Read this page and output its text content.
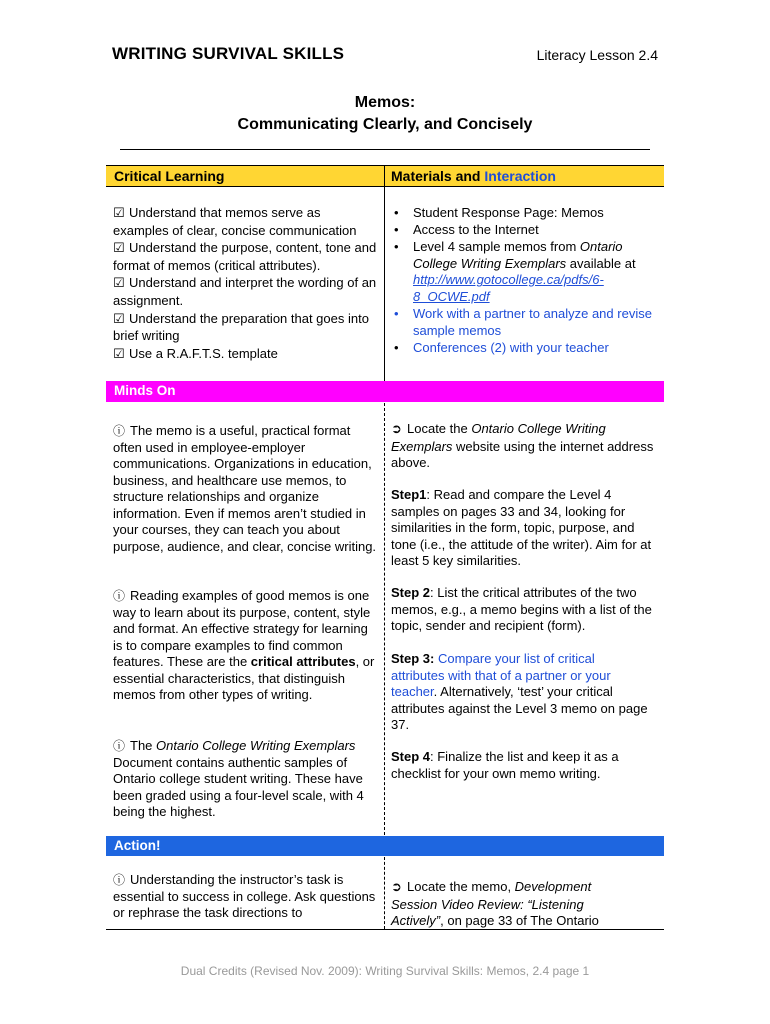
WRITING SURVIVAL SKILLS	Literacy Lesson 2.4
Memos:
Communicating Clearly, and Concisely
Critical Learning	Materials and Interaction
☑ Understand that memos serve as examples of clear, concise communication
☑ Understand the purpose, content, tone and format of memos (critical attributes).
☑ Understand and interpret the wording of an assignment.
☑ Understand the preparation that goes into brief writing
☑ Use a R.A.F.T.S. template
• Student Response Page: Memos
• Access to the Internet
• Level 4 sample memos from Ontario College Writing Exemplars available at http://www.gotocollege.ca/pdfs/6-8_OCWE.pdf
• Work with a partner to analyze and revise sample memos
• Conferences (2) with your teacher
Minds On
ⓘ The memo is a useful, practical format often used in employee-employer communications. Organizations in education, business, and healthcare use memos, to structure relationships and organize information. Even if memos aren’t studied in your courses, they can teach you about purpose, audience, and clear, concise writing.
ⓘ Reading examples of good memos is one way to learn about its purpose, content, style and format. An effective strategy for learning is to compare examples to find common features. These are the critical attributes, or essential characteristics, that distinguish memos from other types of writing.
ⓘ The Ontario College Writing Exemplars Document contains authentic samples of Ontario college student writing. These have been graded using a four-level scale, with 4 being the highest.
➲ Locate the Ontario College Writing Exemplars website using the internet address above.
Step1: Read and compare the Level 4 samples on pages 33 and 34, looking for similarities in the form, topic, purpose, and tone (i.e., the attitude of the writer). Aim for at least 5 key similarities.
Step 2: List the critical attributes of the two memos, e.g., a memo begins with a list of the topic, sender and recipient (form).
Step 3: Compare your list of critical attributes with that of a partner or your teacher. Alternatively, ‘test’ your critical attributes against the Level 3 memo on page 37.
Step 4: Finalize the list and keep it as a checklist for your own memo writing.
Action!
ⓘ Understanding the instructor’s task is essential to success in college. Ask questions or rephrase the task directions to
➲ Locate the memo, Development Session Video Review: “Listening Actively”, on page 33 of The Ontario
Dual Credits (Revised Nov. 2009): Writing Survival Skills: Memos, 2.4 page 1
